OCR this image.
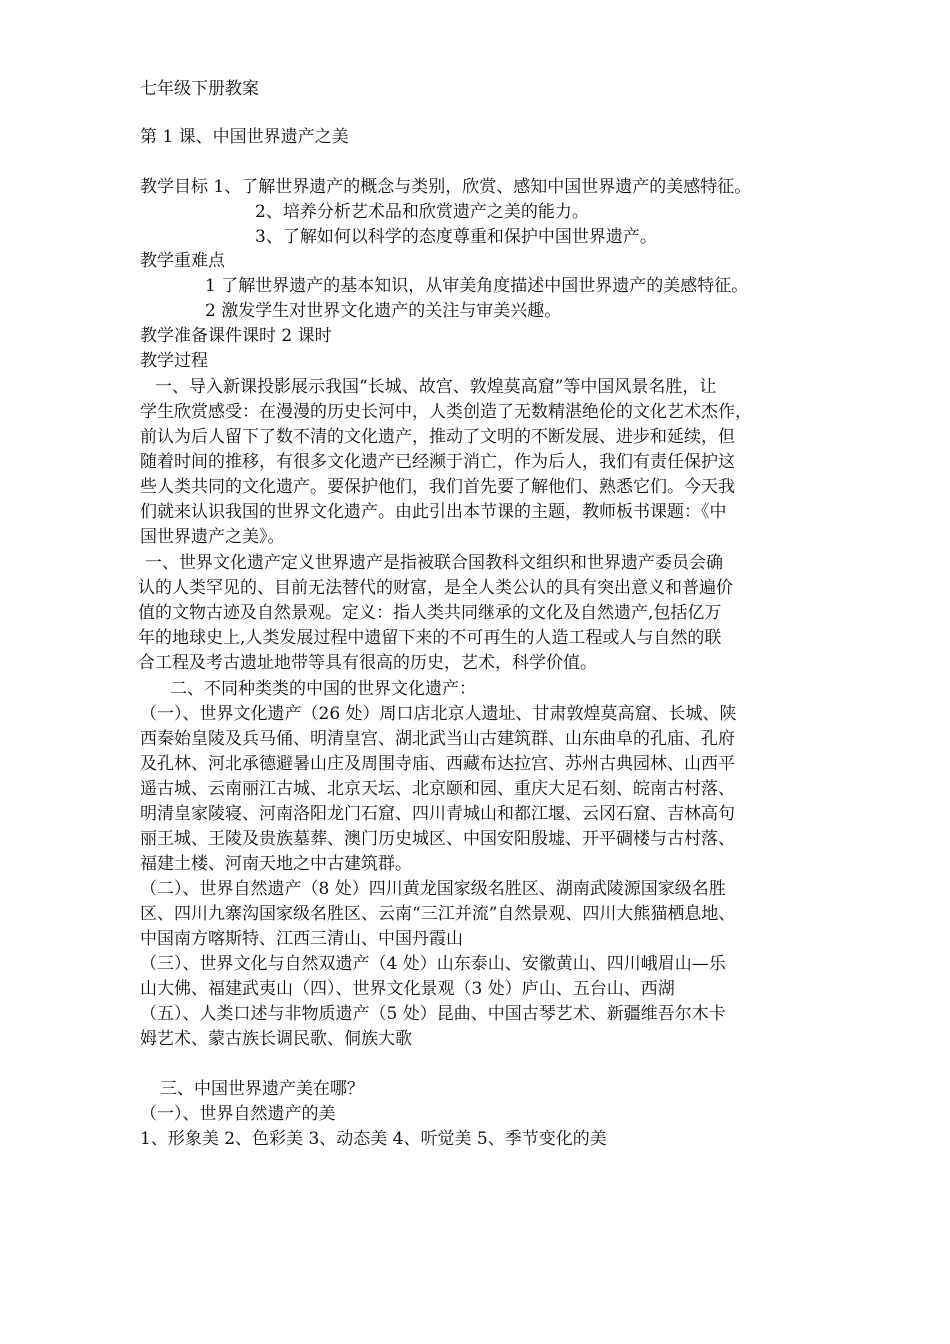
七年级下册教案
第 1 课、中国世界遗产之美
教学目标 1、了解世界遗产的概念与类别，欣赏、感知中国世界遗产的美感特征。
2、培养分析艺术品和欣赏遗产之美的能力。
3、了解如何以科学的态度尊重和保护中国世界遗产。
教学重难点
1 了解世界遗产的基本知识，从审美角度描述中国世界遗产的美感特征。
2 激发学生对世界文化遗产的关注与审美兴趣。
教学准备课件课时 2 课时
教学过程
一、导入新课投影展示我国“长城、故宫、敦煌莫高窟”等中国风景名胜，让
学生欣赏感受：在漫漫的历史长河中，人类创造了无数精湛绝伦的文化艺术杰作，
前认为后人留下了数不清的文化遗产，推动了文明的不断发展、进步和延续，但
随着时间的推移，有很多文化遗产已经濒于消亡，作为后人，我们有责任保护这
些人类共同的文化遗产。要保护他们，我们首先要了解他们、熟悉它们。今天我
们就来认识我国的世界文化遗产。由此引出本节课的主题，教师板书课题：《中
国世界遗产之美》。
一、世界文化遗产定义世界遗产是指被联合国教科文组织和世界遗产委员会确
认的人类罕见的、目前无法替代的财富，是全人类公认的具有突出意义和普遍价
值的文物古迹及自然景观。定义：指人类共同继承的文化及自然遗产,包括亿万
年的地球史上,人类发展过程中遗留下来的不可再生的人造工程或人与自然的联
合工程及考古遗址地带等具有很高的历史，艺术，科学价值。
二、不同种类类的中国的世界文化遗产：
（一）、世界文化遗产（26 处）周口店北京人遗址、甘肃敦煌莫高窟、长城、陕
西秦始皇陵及兵马俑、明清皇宫、湖北武当山古建筑群、山东曲阜的孔庙、孔府
及孔林、河北承德避暑山庄及周围寺庙、西藏布达拉宫、苏州古典园林、山西平
遥古城、云南丽江古城、北京天坛、北京颐和园、重庆大足石刻、皖南古村落、
明清皇家陵寝、河南洛阳龙门石窟、四川青城山和都江堰、云冈石窟、吉林高句
丽王城、王陵及贵族墓葬、澳门历史城区、中国安阳殷墟、开平碉楼与古村落、
福建土楼、河南天地之中古建筑群。
（二）、世界自然遗产（8 处）四川黄龙国家级名胜区、湖南武陵源国家级名胜
区、四川九寨沟国家级名胜区、云南“三江并流”自然景观、四川大熊猫栖息地、
中国南方喀斯特、江西三清山、中国丹霞山
（三）、世界文化与自然双遗产（4 处）山东泰山、安徽黄山、四川峨眉山—乐
山大佛、福建武夷山（四）、世界文化景观（3 处）庐山、五台山、西湖
（五）、人类口述与非物质遗产（5 处）昆曲、中国古琴艺术、新疆维吾尔木卡
姆艺术、蒙古族长调民歌、侗族大歌
三、中国世界遗产美在哪？
（一）、世界自然遗产的美
1、形象美 2、色彩美 3、动态美 4、听觉美 5、季节变化的美
